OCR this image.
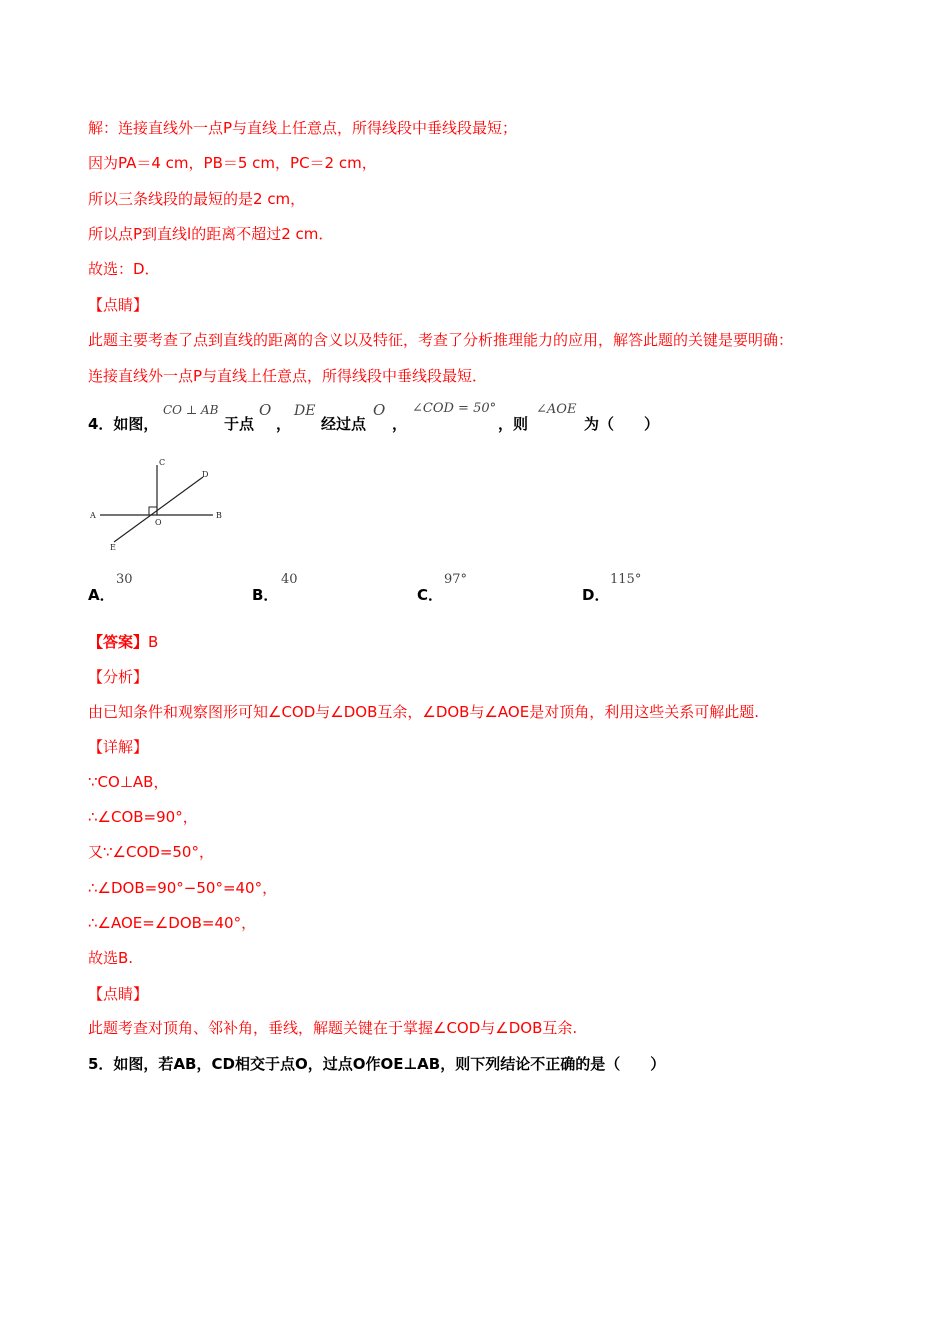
解：连接直线外一点P与直线上任意点，所得线段中垂线段最短；
因为PA＝4 cm，PB＝5 cm，PC＝2 cm，
所以三条线段的最短的是2 cm，
所以点P到直线l的距离不超过2 cm．
故选：D．
【点睛】
此题主要考查了点到直线的距离的含义以及特征，考查了分析推理能力的应用，解答此题的关键是要明确：
连接直线外一点P与直线上任意点，所得线段中垂线段最短．
4．如图，
CO ⊥ AB
于点
O
，
DE
经过点
O
，
∠COD = 50°
，则
∠AOE
为（　　）
A	B
C
D
E
O
A．
30
B．
40
C．
97°
D．
115°
【答案】B
【分析】
由已知条件和观察图形可知∠COD与∠DOB互余，∠DOB与∠AOE是对顶角，利用这些关系可解此题.
【详解】
∵CO⊥AB，
∴∠COB=90°，
又∵∠COD=50°，
∴∠DOB=90°−50°=40°，
∴∠AOE=∠DOB=40°，
故选B.
【点睛】
此题考查对顶角、邻补角，垂线，解题关键在于掌握∠COD与∠DOB互余.
5．如图，若AB，CD相交于点O，过点O作OE⊥AB，则下列结论不正确的是（　　）
